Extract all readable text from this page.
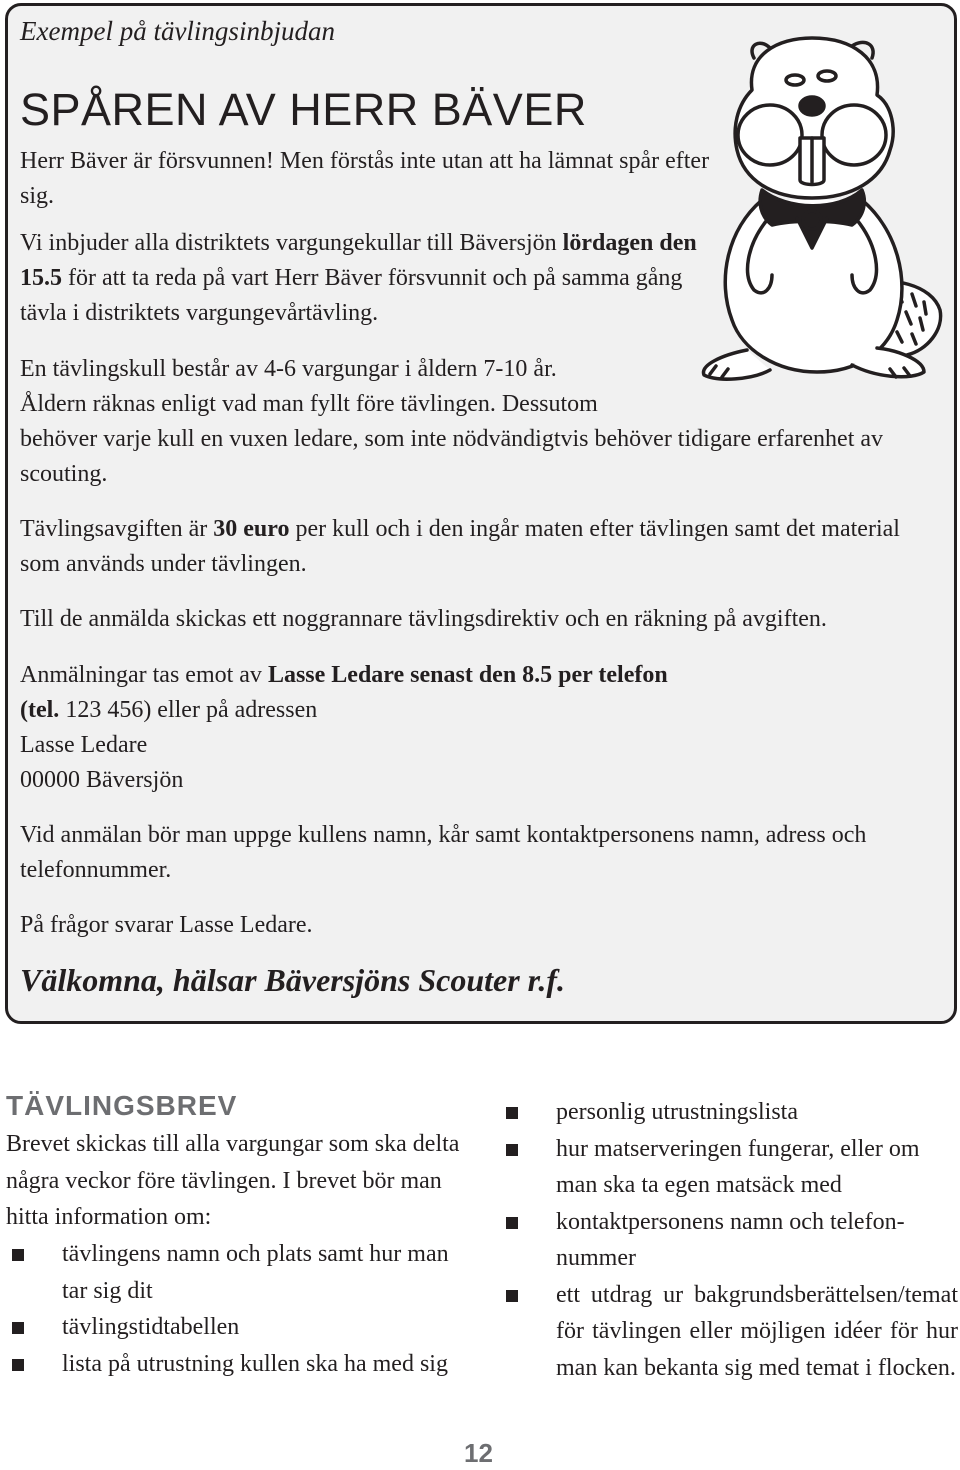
Exempel på tävlingsinbjudan

SPÅREN AV HERR BÄVER

Herr Bäver är försvunnen! Men förstås inte utan att ha lämnat spår efter sig.

Vi inbjuder alla distriktets vargungekullar till Bäversjön lördagen den 15.5 för att ta reda på vart Herr Bäver försvunnit och på samma gång tävla i distriktets vargungevårtävling.

En tävlingskull består av 4-6 vargungar i åldern 7-10 år.
Åldern räknas enligt vad man fyllt före tävlingen. Dessutom
behöver varje kull en vuxen ledare, som inte nödvändigtvis behöver tidigare erfarenhet av scouting.

Tävlingsavgiften är 30 euro per kull och i den ingår maten efter tävlingen samt det material som används under tävlingen.

Till de anmälda skickas ett noggrannare tävlingsdirektiv och en räkning på avgiften.

Anmälningar tas emot av Lasse Ledare senast den 8.5 per telefon
(tel. 123 456) eller på adressen
Lasse Ledare
00000 Bäversjön

Vid anmälan bör man uppge kullens namn, kår samt kontaktpersonens namn, adress och telefonnummer.

På frågor svarar Lasse Ledare.

Välkomna, hälsar Bäversjöns Scouter r.f.

TÄVLINGSBREV

Brevet skickas till alla vargungar som ska delta några veckor före tävlingen. I brevet bör man hitta information om:

tävlingens namn och plats samt hur man tar sig dit
tävlingstidtabellen
lista på utrustning kullen ska ha med sig
personlig utrustningslista
hur matserveringen fungerar, eller om man ska ta egen matsäck med
kontaktpersonens namn och telefon-nummer
ett utdrag ur bakgrundsberättelsen/temat för tävlingen eller möjligen idéer för hur man kan bekanta sig med temat i flocken.

12
